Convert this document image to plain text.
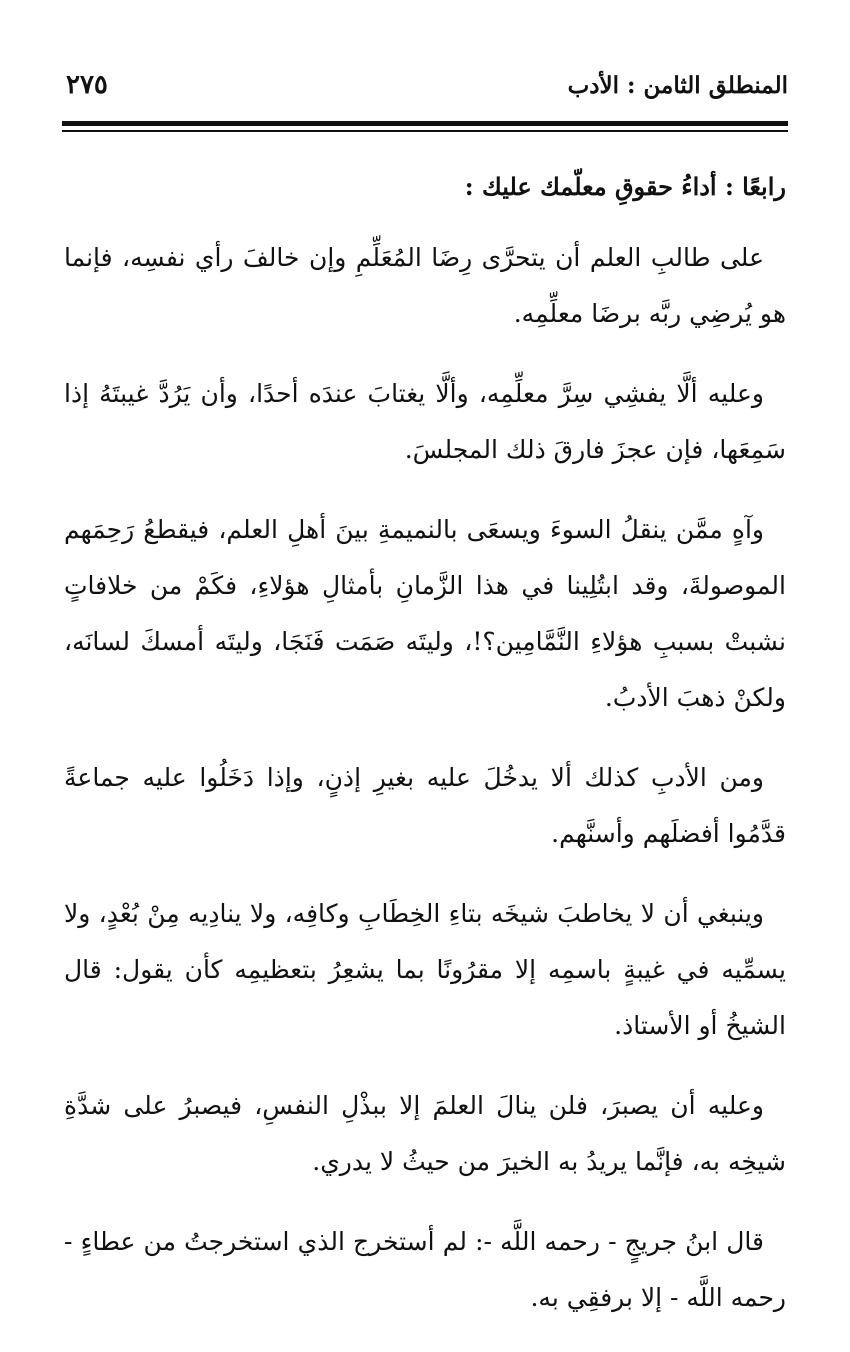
المنطلق الثامن : الأدب
٢٧٥
رابعًا : أداءُ حقوقِ معلّمك عليك :

على طالبِ العلم أن يتحرَّى رِضَا المُعَلِّمِ وإن خالفَ رأي نفسِه، فإنما هو يُرضِي ربَّه برضَا معلِّمِه.

وعليه ألَّا يفشِي سِرَّ معلِّمِه، وألَّا يغتابَ عندَه أحدًا، وأن يَرُدَّ غيبتَهُ إذا سَمِعَها، فإن عجزَ فارقَ ذلك المجلسَ.

وآهٍ ممَّن ينقلُ السوءَ ويسعَى بالنميمةِ بينَ أهلِ العلم، فيقطعُ رَحِمَهم الموصولةَ، وقد ابتُلِينا في هذا الزَّمانِ بأمثالِ هؤلاءِ، فكَمْ من خلافاتٍ نشبتْ بسببِ هؤلاءِ النَّمَّامِين؟!، وليتَه صَمَت فَنَجَا، وليتَه أمسكَ لسانَه، ولكنْ ذهبَ الأدبُ.

ومن الأدبِ كذلك ألا يدخُلَ عليه بغيرِ إذنٍ، وإذا دَخَلُوا عليه جماعةً قدَّمُوا أفضلَهم وأسنَّهم.

وينبغي أن لا يخاطبَ شيخَه بتاءِ الخِطَابِ وكافِه، ولا ينادِيه مِنْ بُعْدٍ، ولا يسمِّيه في غيبةٍ باسمِه إلا مقرُونًا بما يشعِرُ بتعظيمِه كأن يقول: قال الشيخُ أو الأستاذ.

وعليه أن يصبرَ، فلن ينالَ العلمَ إلا ببذْلِ النفسِ، فيصبرُ على شدَّةِ شيخِه به، فإنَّما يريدُ به الخيرَ من حيثُ لا يدري.

قال ابنُ جريجٍ - رحمه اللَّه -: لم أستخرج الذي استخرجتُ من عطاءٍ - رحمه اللَّه - إلا برفقِي به.
